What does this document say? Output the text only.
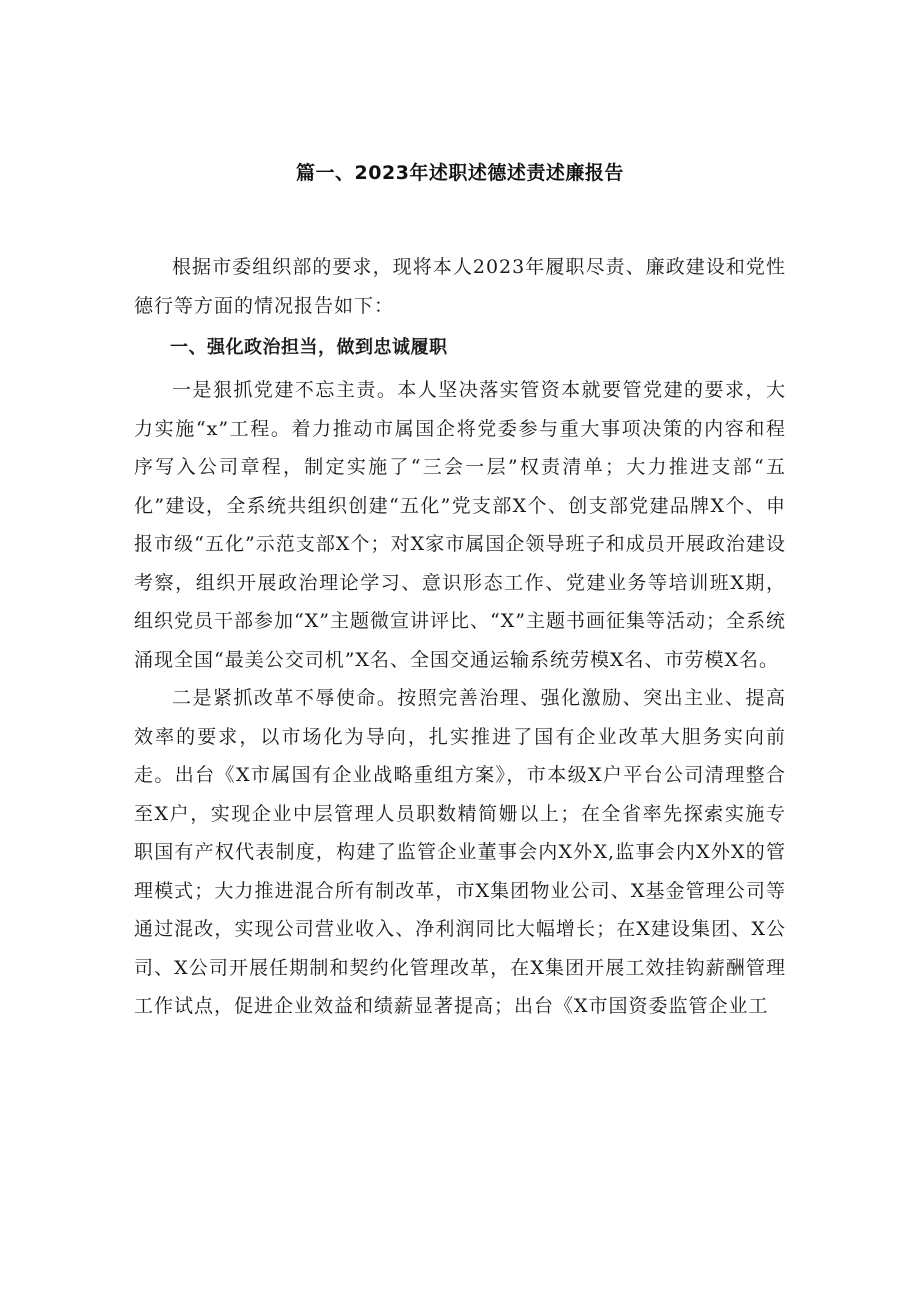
篇一、2023年述职述德述责述廉报告

根据市委组织部的要求，现将本人2023年履职尽责、廉政建设和党性德行等方面的情况报告如下：

一、强化政治担当，做到忠诚履职

一是狠抓党建不忘主责。本人坚决落实管资本就要管党建的要求，大力实施“x”工程。着力推动市属国企将党委参与重大事项决策的内容和程序写入公司章程，制定实施了“三会一层”权责清单；大力推进支部“五化”建设，全系统共组织创建“五化”党支部X个、创支部党建品牌X个、申报市级“五化”示范支部X个；对X家市属国企领导班子和成员开展政治建设考察，组织开展政治理论学习、意识形态工作、党建业务等培训班X期，组织党员干部参加“X”主题微宣讲评比、“X”主题书画征集等活动；全系统涌现全国“最美公交司机”X名、全国交通运输系统劳模X名、市劳模X名。

二是紧抓改革不辱使命。按照完善治理、强化激励、突出主业、提高效率的要求，以市场化为导向，扎实推进了国有企业改革大胆务实向前走。出台《X市属国有企业战略重组方案》，市本级X户平台公司清理整合至X户，实现企业中层管理人员职数精简姗以上；在全省率先探索实施专职国有产权代表制度，构建了监管企业董事会内X外X,监事会内X外X的管理模式；大力推进混合所有制改革，市X集团物业公司、X基金管理公司等通过混改，实现公司营业收入、净利润同比大幅增长；在X建设集团、X公司、X公司开展任期制和契约化管理改革，在X集团开展工效挂钩薪酬管理工作试点，促进企业效益和绩薪显著提高；出台《X市国资委监管企业工
